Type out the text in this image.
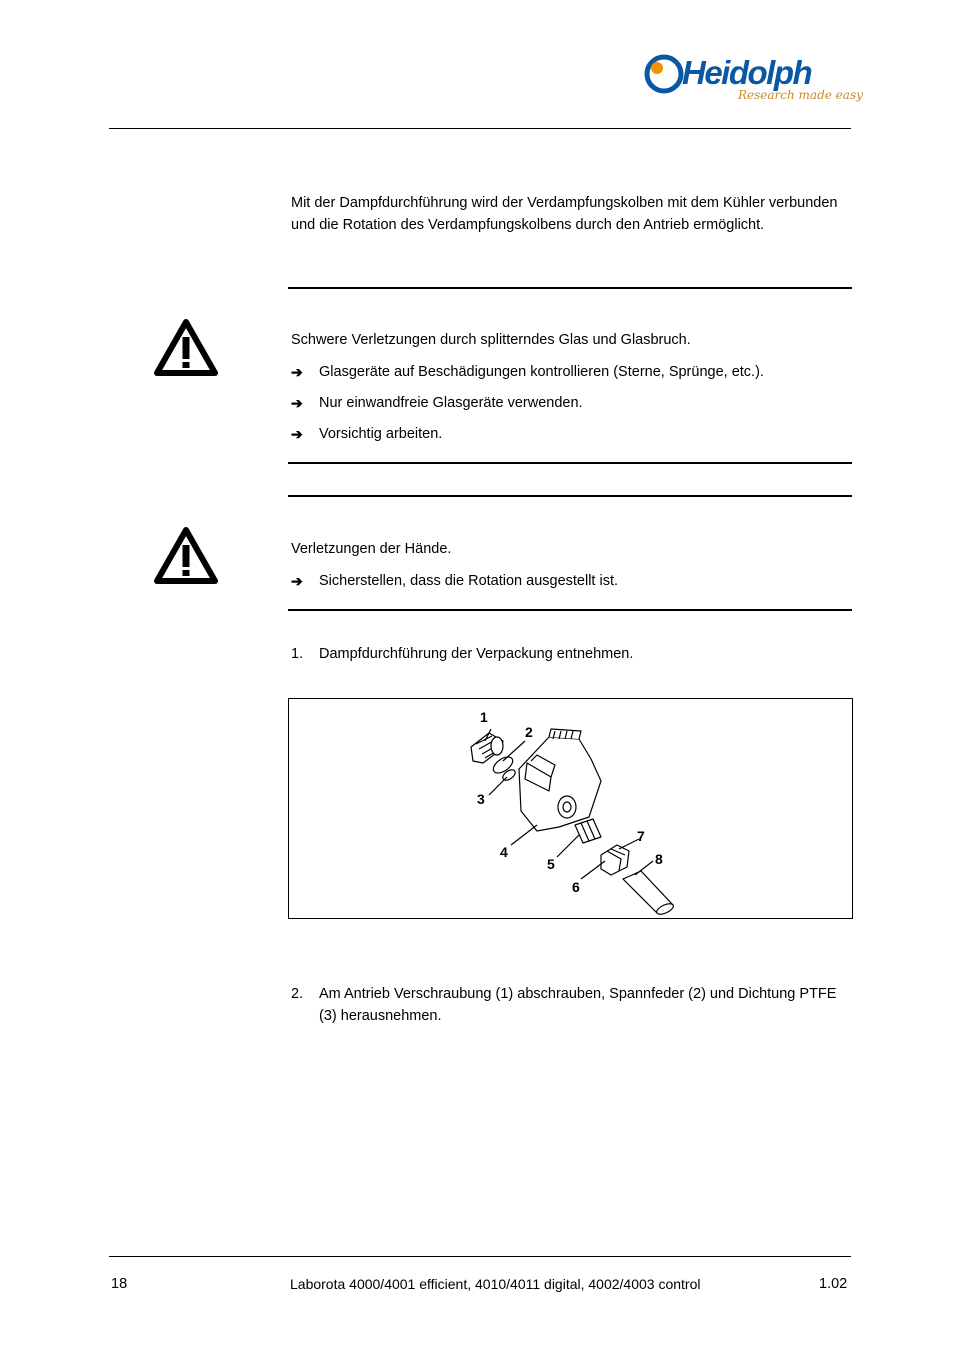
Heidolph
Research made easy
Mit der Dampfdurchführung wird der Verdampfungskolben mit dem Kühler verbunden und die Rotation des Verdampfungskolbens durch den Antrieb ermöglicht.
Schwere Verletzungen durch splitterndes Glas und Glasbruch.
➔ Glasgeräte auf Beschädigungen kontrollieren (Sterne, Sprünge, etc.).
➔ Nur einwandfreie Glasgeräte verwenden.
➔ Vorsichtig arbeiten.
Verletzungen der Hände.
➔ Sicherstellen, dass die Rotation ausgestellt ist.
1. Dampfdurchführung der Verpackung entnehmen.
1
2
3
4
5
6
7
8
2. Am Antrieb Verschraubung (1) abschrauben, Spannfeder (2) und Dichtung PTFE (3) herausnehmen.
18	Laborota 4000/4001 efficient, 4010/4011 digital, 4002/4003 control	1.02
